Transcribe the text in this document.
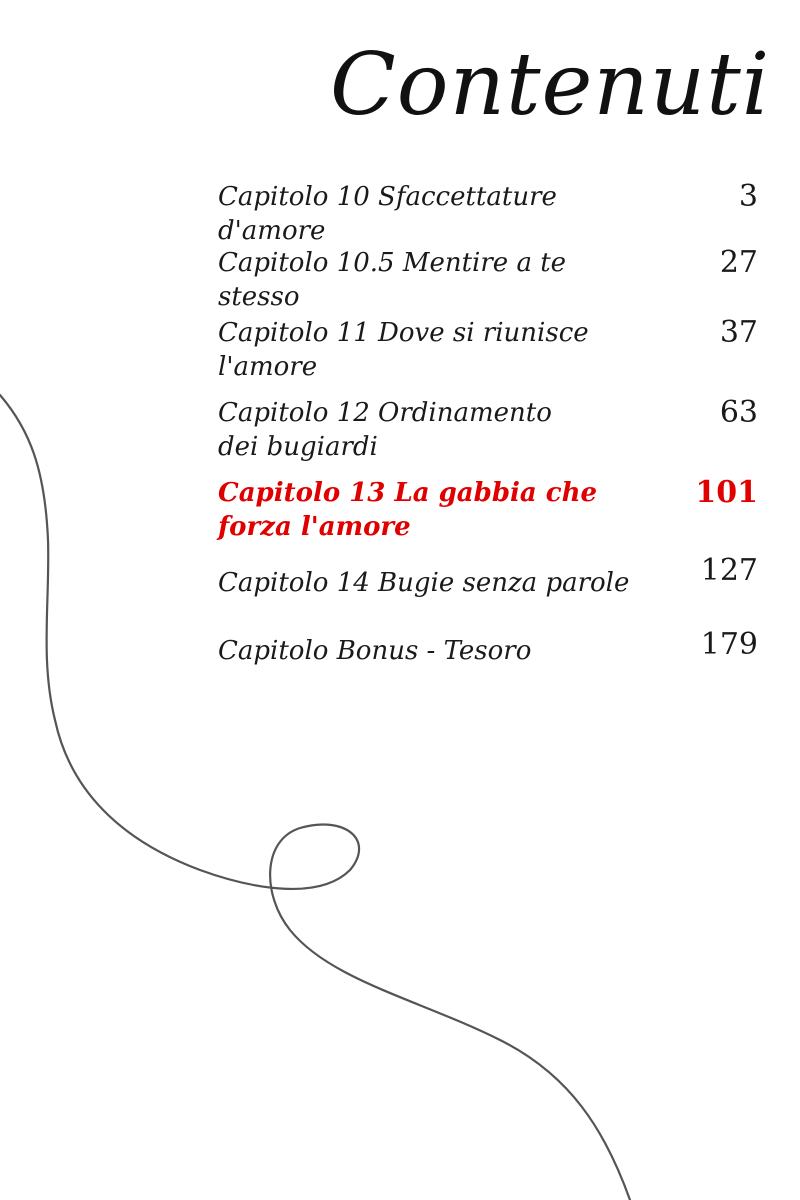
Contenuti
Capitolo 10 Sfaccettature d'amore
3
Capitolo 10.5 Mentire a te stesso
27
Capitolo 11 Dove si riunisce l'amore
37
Capitolo 12 Ordinamento dei bugiardi
63
Capitolo 13 La gabbia che forza l'amore
101
Capitolo 14 Bugie senza parole	127
Capitolo Bonus - Tesoro	179
